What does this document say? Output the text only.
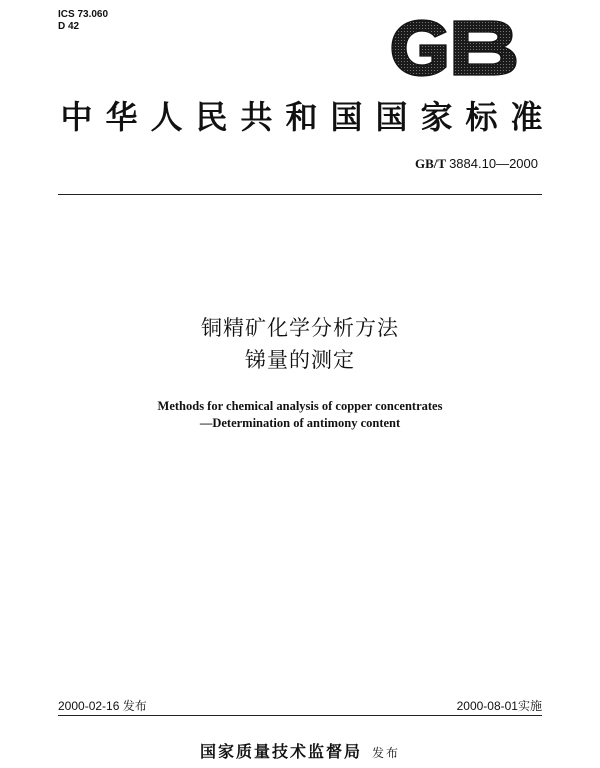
ICS 73.060
D 42
中华人民共和国国家标准
GB/T 3884.10—2000
铜精矿化学分析方法
锑量的测定
Methods for chemical analysis of copper concentrates
—Determination of antimony content
2000-02-16 发布	2000-08-01实施
国家质量技术监督局 发布
